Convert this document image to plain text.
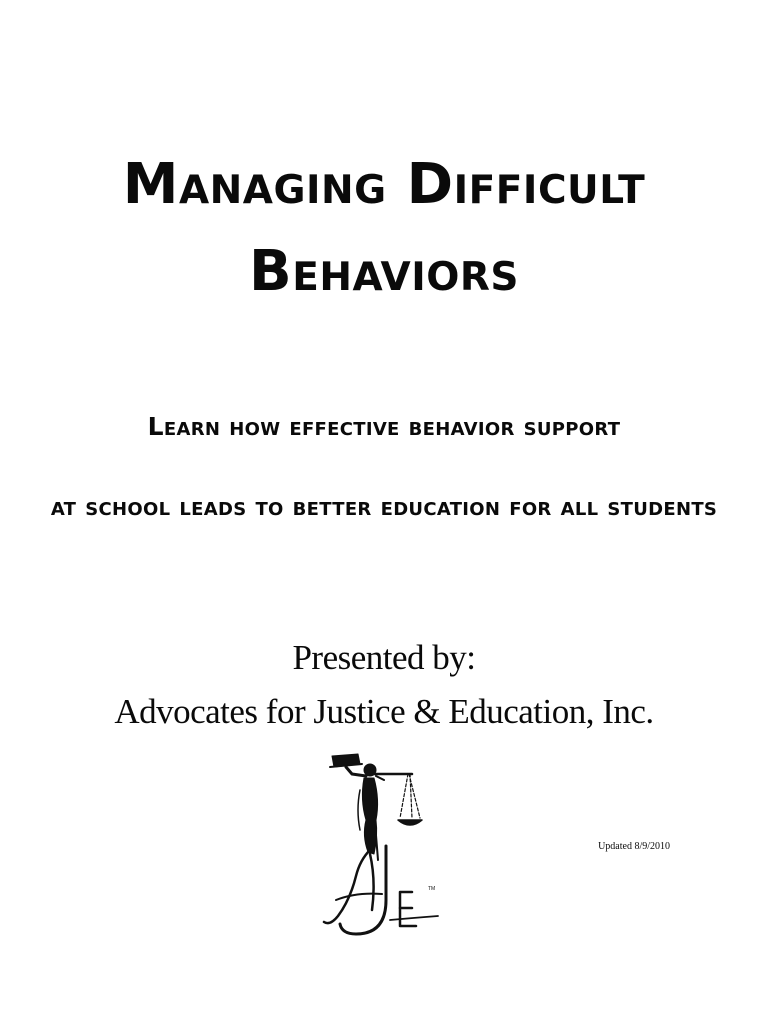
Managing Difficult
Behaviors
Learn how effective behavior support
at school leads to better education for all students
Presented by:
Advocates for Justice & Education, Inc.
TM
Updated 8/9/2010
